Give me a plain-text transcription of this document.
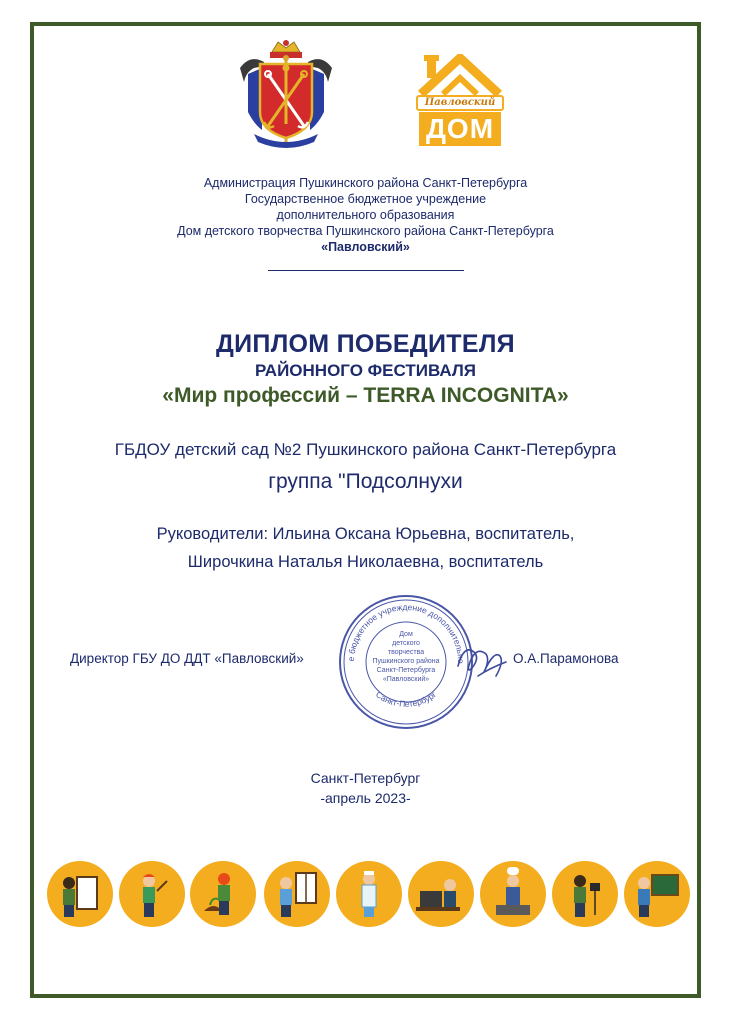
Павловский
ДОМ
Администрация Пушкинского района Санкт-Петербурга
Государственное бюджетное учреждение
дополнительного образования
Дом детского творчества Пушкинского района Санкт-Петербурга
«Павловский»
ДИПЛОМ ПОБЕДИТЕЛЯ
РАЙОННОГО ФЕСТИВАЛЯ
«Мир профессий – TERRA INCOGNITA»
ГБДОУ детский сад №2 Пушкинского района Санкт-Петербурга
группа "Подсолнухи
Руководители: Ильина Оксана Юрьевна, воспитатель,
Широчкина Наталья Николаевна, воспитатель
Директор ГБУ ДО ДДТ «Павловский»	О.А.Парамонова
е бюджетное учреждение дополнительно
Санкт-Петербург
Дом
детского
творчества
Пушкинского района
Санкт-Петербурга
«Павловский»
Санкт-Петербург
-апрель 2023-
